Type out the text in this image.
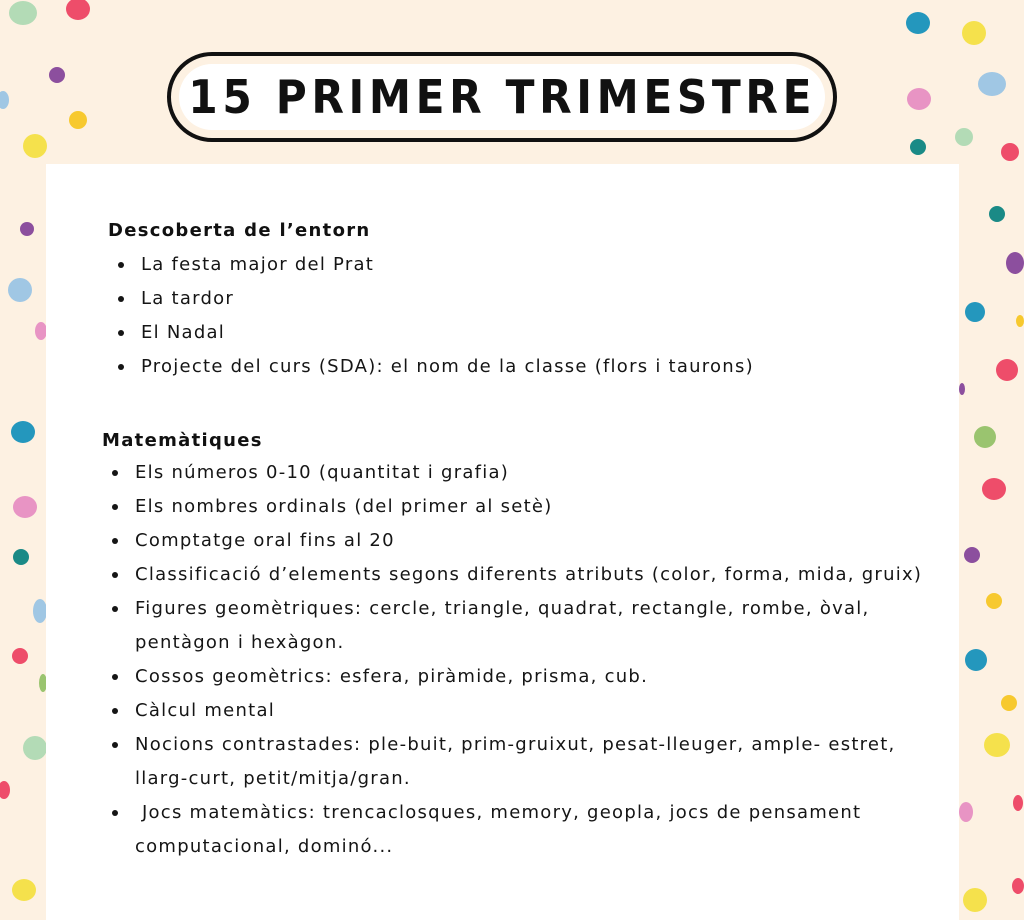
15 PRIMER TRIMESTRE
Descoberta de l’entorn
La festa major del Prat
La tardor
El Nadal
Projecte del curs (SDA): el nom de la classe (flors i taurons)
Matemàtiques
Els números 0-10 (quantitat i grafia)
Els nombres ordinals (del primer al setè)
Comptatge oral fins al 20
Classificació d’elements segons diferents atributs (color, forma, mida, gruix)
Figures geomètriques: cercle, triangle, quadrat, rectangle, rombe, òval,
pentàgon i hexàgon.
Cossos geomètrics: esfera, piràmide, prisma, cub.
Càlcul mental
Nocions contrastades: ple-buit, prim-gruixut, pesat-lleuger, ample- estret,
llarg-curt, petit/mitja/gran.
Jocs matemàtics: trencaclosques, memory, geopla, jocs de pensament
computacional, dominó...
